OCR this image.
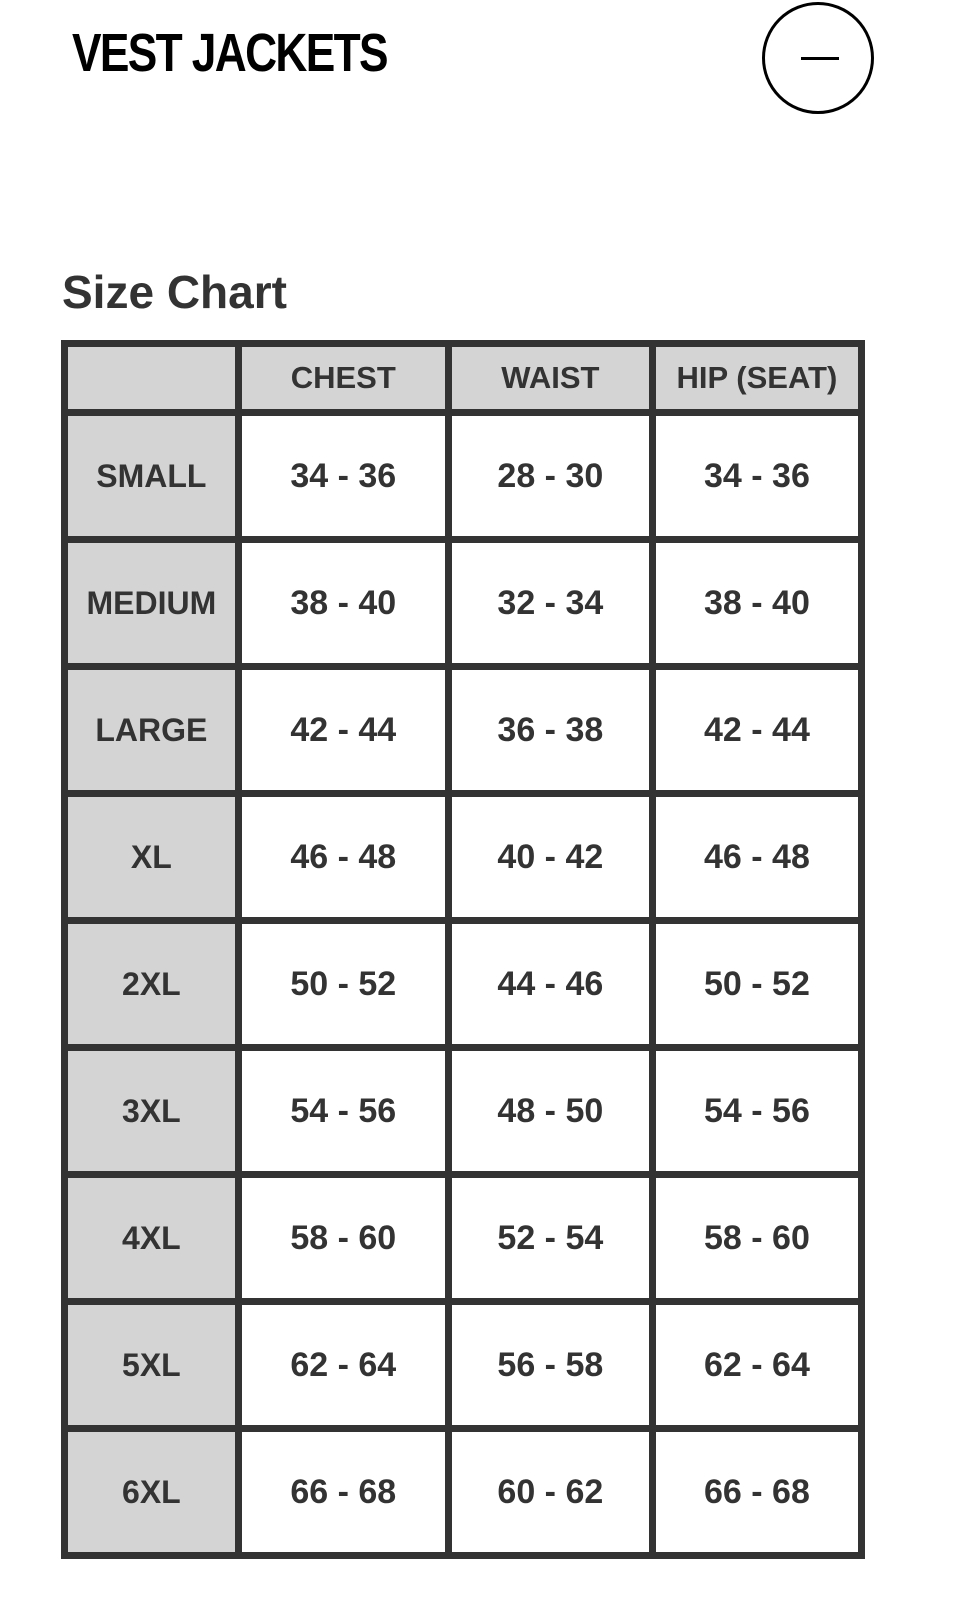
VEST JACKETS
Size Chart
	CHEST	WAIST	HIP (SEAT)
SMALL	34 - 36	28 - 30	34 - 36
MEDIUM	38 - 40	32 - 34	38 - 40
LARGE	42 - 44	36 - 38	42 - 44
XL	46 - 48	40 - 42	46 - 48
2XL	50 - 52	44 - 46	50 - 52
3XL	54 - 56	48 - 50	54 - 56
4XL	58 - 60	52 - 54	58 - 60
5XL	62 - 64	56 - 58	62 - 64
6XL	66 - 68	60 - 62	66 - 68
